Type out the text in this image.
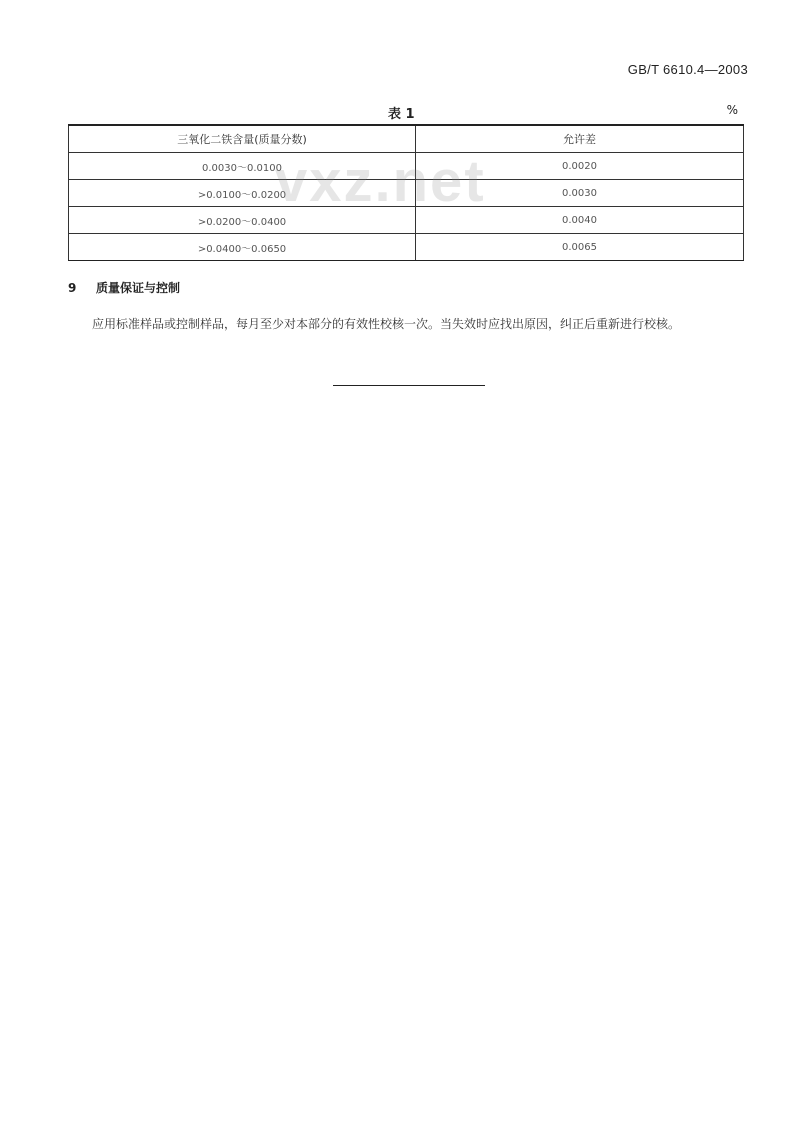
GB/T 6610.4—2003
表 1	%
三氧化二铁含量(质量分数)	允许差
0.0030～0.0100	0.0020
>0.0100～0.0200	0.0030
>0.0200～0.0400	0.0040
>0.0400～0.0650	0.0065
vxz.net
9 质量保证与控制
应用标准样品或控制样品，每月至少对本部分的有效性校核一次。当失效时应找出原因，纠正后重新进行校核。
